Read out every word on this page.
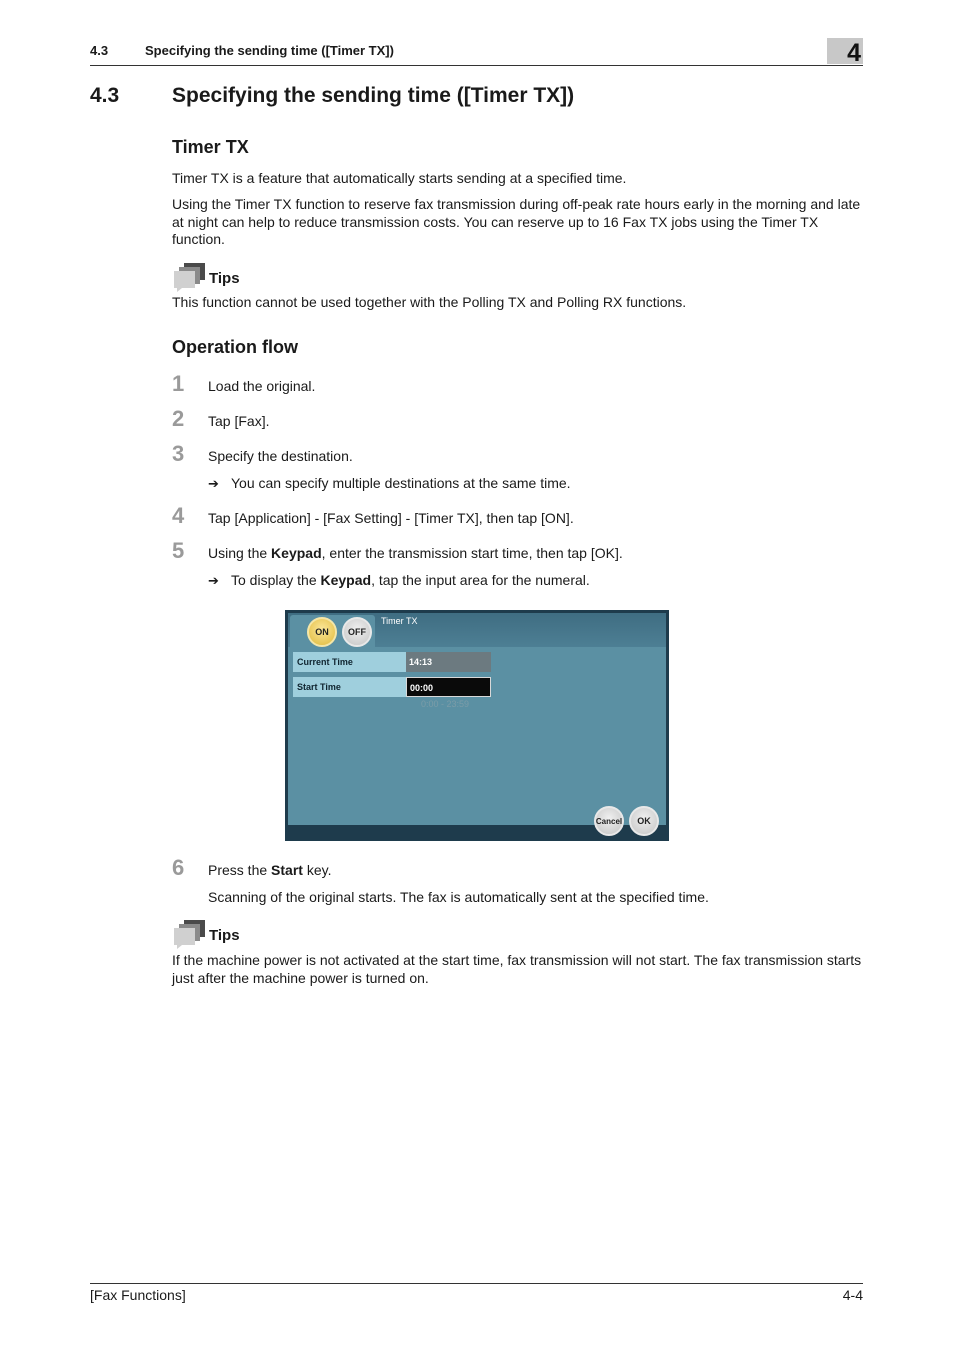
4.3	Specifying the sending time ([Timer TX])	4
4.3	Specifying the sending time ([Timer TX])
Timer TX
Timer TX is a feature that automatically starts sending at a specified time.
Using the Timer TX function to reserve fax transmission during off-peak rate hours early in the morning and late at night can help to reduce transmission costs. You can reserve up to 16 Fax TX jobs using the Timer TX function.
Tips
This function cannot be used together with the Polling TX and Polling RX functions.
Operation flow
1 Load the original.
2 Tap [Fax].
3 Specify the destination.
➔ You can specify multiple destinations at the same time.
4 Tap [Application] - [Fax Setting] - [Timer TX], then tap [ON].
5 Using the Keypad, enter the transmission start time, then tap [OK].
➔ To display the Keypad, tap the input area for the numeral.
ON	OFF
Timer TX
Current Time	14:13
Start Time	00:00
0:00 - 23:59
Cancel	OK
6 Press the Start key.
Scanning of the original starts. The fax is automatically sent at the specified time.
Tips
If the machine power is not activated at the start time, fax transmission will not start. The fax transmission starts just after the machine power is turned on.
[Fax Functions]	4-4
